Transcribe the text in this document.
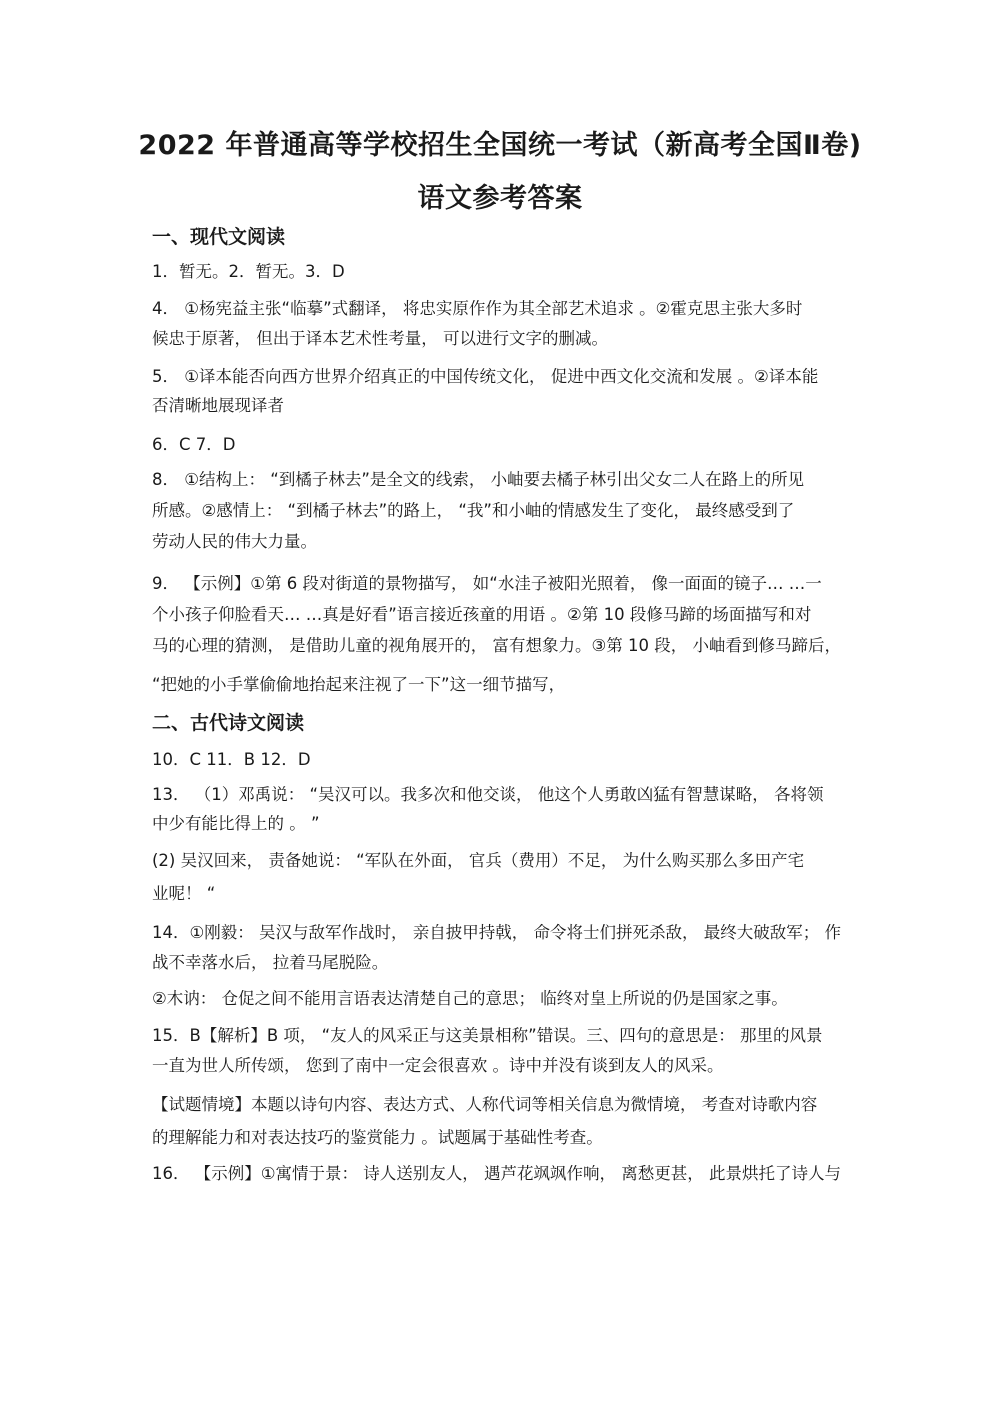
2022 年普通高等学校招生全国统一考试（新高考全国Ⅱ卷)
语文参考答案
一、现代文阅读
1．暂无。2．暂无。3．D
4． ①杨宪益主张“临摹”式翻译， 将忠实原作作为其全部艺术追求 。②霍克思主张大多时
候忠于原著， 但出于译本艺术性考量， 可以进行文字的删减。
5． ①译本能否向西方世界介绍真正的中国传统文化， 促进中西文化交流和发展 。②译本能
否清晰地展现译者
6．C 7．D
8． ①结构上： “到橘子林去”是全文的线索， 小岫要去橘子林引出父女二人在路上的所见
所感。②感情上： “到橘子林去”的路上， “我”和小岫的情感发生了变化， 最终感受到了
劳动人民的伟大力量。
9． 【示例】①第 6 段对街道的景物描写， 如“水洼子被阳光照着， 像一面面的镜子… …一
个小孩子仰脸看天… …真是好看”语言接近孩童的用语 。②第 10 段修马蹄的场面描写和对
马的心理的猜测， 是借助儿童的视角展开的， 富有想象力。③第 10 段， 小岫看到修马蹄后，
“把她的小手掌偷偷地抬起来注视了一下”这一细节描写，
二、古代诗文阅读
10．C 11．B 12．D
13． （1）邓禹说： “吴汉可以。我多次和他交谈， 他这个人勇敢凶猛有智慧谋略， 各将领
中少有能比得上的 。 ”
(2) 吴汉回来， 责备她说： “军队在外面， 官兵（费用）不足， 为什么购买那么多田产宅
业呢！ “
14．①刚毅： 吴汉与敌军作战时， 亲自披甲持戟， 命令将士们拼死杀敌， 最终大破敌军； 作
战不幸落水后， 拉着马尾脱险。
②木讷： 仓促之间不能用言语表达清楚自己的意思； 临终对皇上所说的仍是国家之事。
15．B【解析】B 项， “友人的风采正与这美景相称”错误。三、四句的意思是： 那里的风景
一直为世人所传颂， 您到了南中一定会很喜欢 。诗中并没有谈到友人的风采。
【试题情境】本题以诗句内容、表达方式、人称代词等相关信息为微情境， 考查对诗歌内容
的理解能力和对表达技巧的鉴赏能力 。试题属于基础性考查。
16． 【示例】①寓情于景： 诗人送别友人， 遇芦花飒飒作响， 离愁更甚， 此景烘托了诗人与
